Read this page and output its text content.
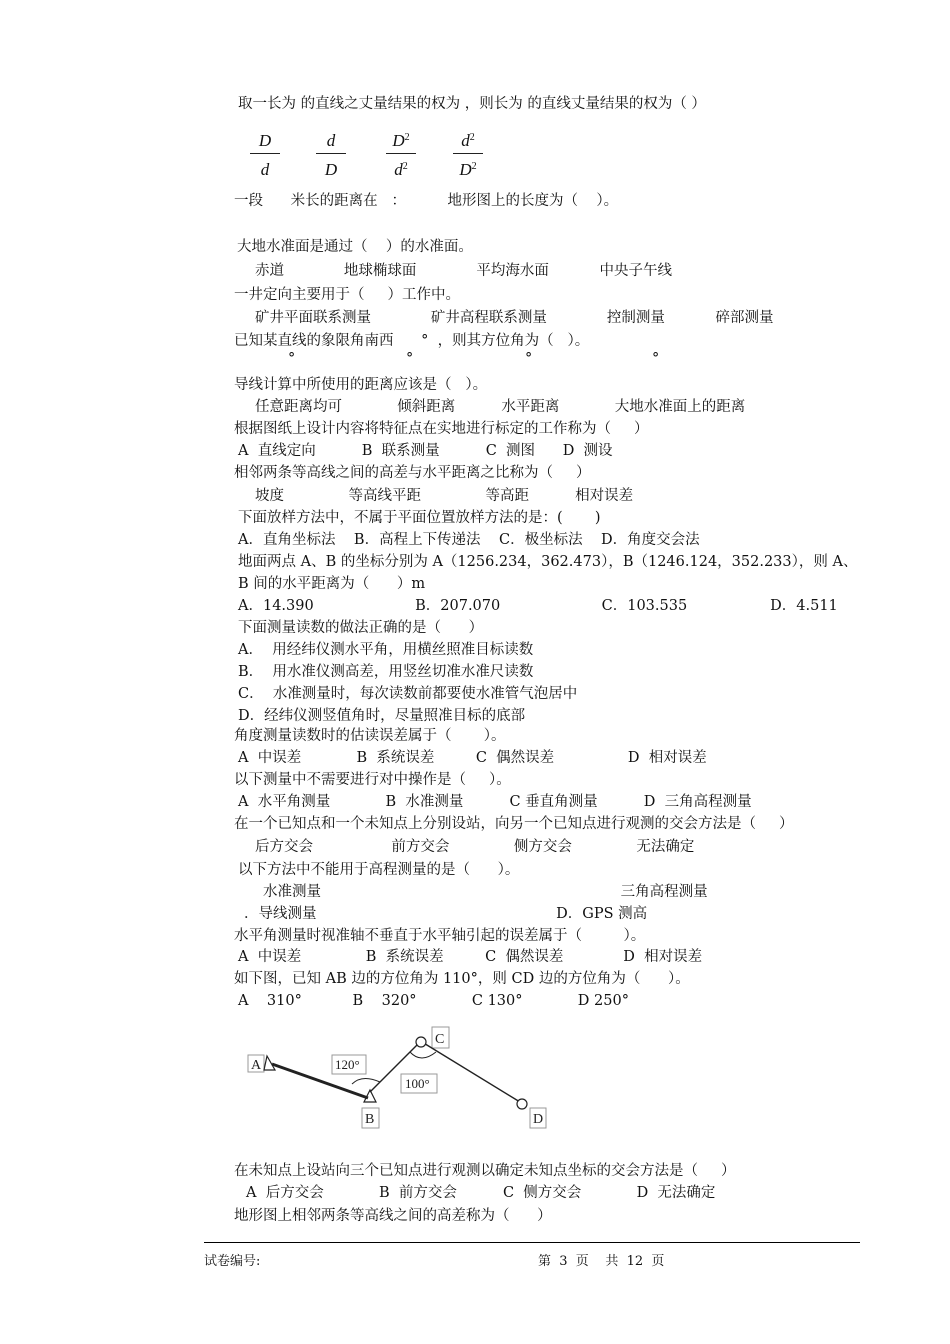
取一长为 的直线之丈量结果的权为 ，则长为 的直线丈量结果的权为（ ）
D
d
d
D
$D^2$
$d^2$
$d^2$
$D^2$
一段      米长的距离在   ：         地形图上的长度为（    ）。
大地水准面是通过（    ）的水准面。
赤道             地球椭球面             平均海水面           中央子午线
一井定向主要用于（     ）工作中。
矿井平面联系测量             矿井高程联系测量             控制测量           碎部测量
已知某直线的象限角南西      °  ，则其方位角为（   ）。
°	°	°	°
导线计算中所使用的距离应该是（   ）。
任意距离均可            倾斜距离          水平距离            大地水准面上的距离
根据图纸上设计内容将特征点在实地进行标定的工作称为（     ）
A  直线定向          B  联系测量          C  测图      D  测设
相邻两条等高线之间的高差与水平距离之比称为（     ）
坡度              等高线平距              等高距          相对误差
下面放样方法中，不属于平面位置放样方法的是：(       )
A．直角坐标法    B．高程上下传递法    C．极坐标法    D．角度交会法
地面两点 A、B 的坐标分别为 A（1256.234，362.473），B（1246.124，352.233），则 A、
B 间的水平距离为（      ）m
A．14.390                      B．207.070                      C．103.535                  D．4.511
下面测量读数的做法正确的是（      ）
A．  用经纬仪测水平角，用横丝照准目标读数
B．  用水准仪测高差，用竖丝切准水准尺读数
C．  水准测量时，每次读数前都要使水准管气泡居中
D．经纬仪测竖值角时，尽量照准目标的底部
角度测量读数时的估读误差属于（       ）。
A  中误差            B  系统误差         C  偶然误差                D  相对误差
以下测量中不需要进行对中操作是（     ）。
A  水平角测量            B  水准测量          C 垂直角测量          D  三角高程测量
在一个已知点和一个未知点上分别设站，向另一个已知点进行观测的交会方法是（     ）
后方交会                 前方交会              侧方交会              无法确定
以下方法中不能用于高程测量的是（      ）。
水准测量                                                                 三角高程测量
．导线测量                                                    D．GPS 测高
水平角测量时视准轴不垂直于水平轴引起的误差属于（         ）。
A  中误差              B  系统误差         C  偶然误差             D  相对误差
如下图，已知 AB 边的方位角为 110°，则 CD 边的方位角为（      ）。
A    310°           B    320°            C 130°            D 250°
A
B
C
D
120°
100°
在未知点上设站向三个已知点进行观测以确定未知点坐标的交会方法是（     ）
A  后方交会            B  前方交会          C  侧方交会            D  无法确定
地形图上相邻两条等高线之间的高差称为（      ）
试卷编号:	第  3  页    共  12  页
